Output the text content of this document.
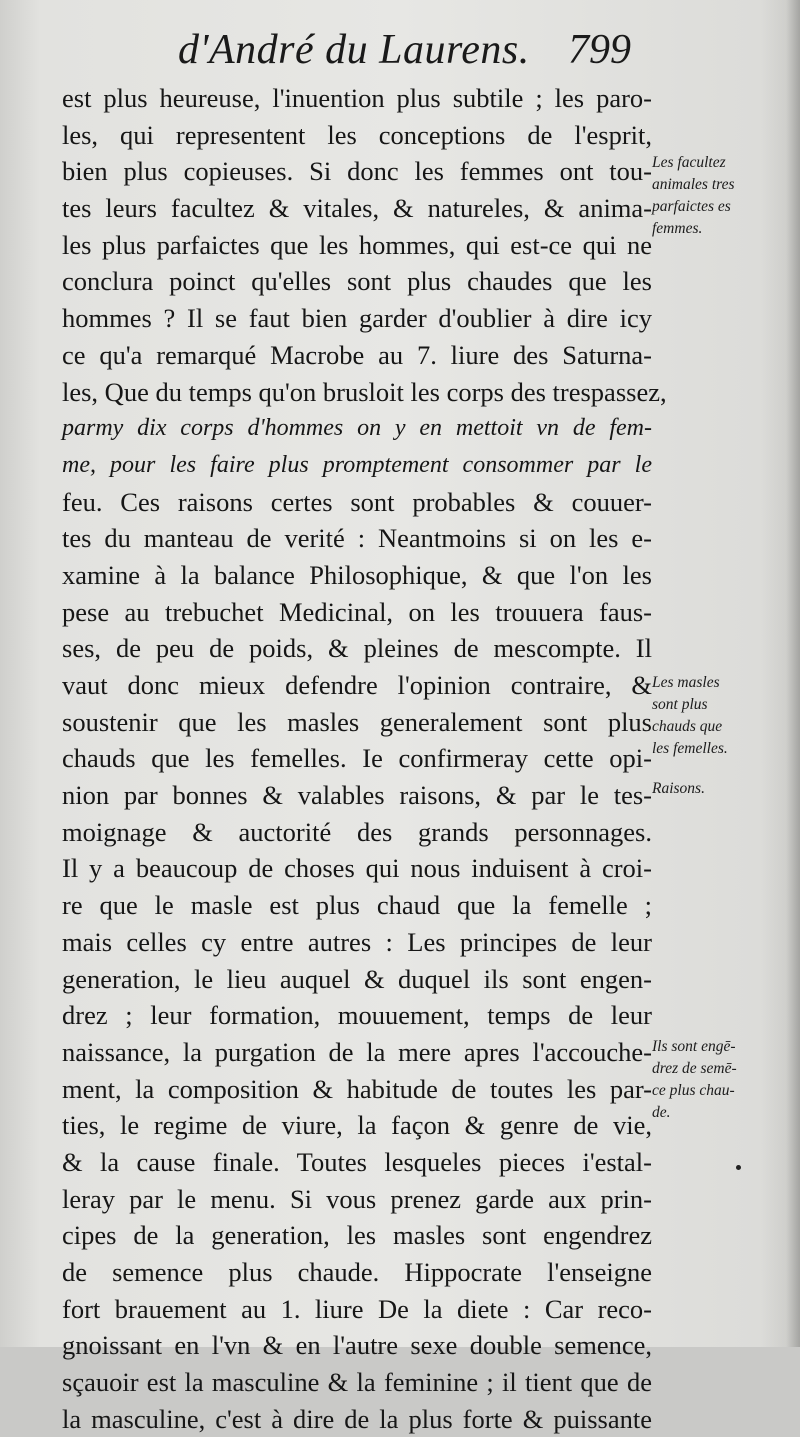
d'André du Laurens. 799
est plus heureuse, l'inuention plus subtile ; les paro-
les, qui representent les conceptions de l'esprit,
bien plus copieuses. Si donc les femmes ont tou-
tes leurs facultez & vitales, & natureles, & anima-
les plus parfaictes que les hommes, qui est-ce qui ne
conclura poinct qu'elles sont plus chaudes que les
hommes ? Il se faut bien garder d'oublier à dire icy
ce qu'a remarqué Macrobe au 7. liure des Saturna-
les, Que du temps qu'on brusloit les corps des trespassez,
parmy dix corps d'hommes on y en mettoit vn de fem-
me, pour les faire plus promptement consommer par le
feu. Ces raisons certes sont probables & couuer-
tes du manteau de verité : Neantmoins si on les e-
xamine à la balance Philosophique, & que l'on les
pese au trebuchet Medicinal, on les trouuera faus-
ses, de peu de poids, & pleines de mescompte. Il
vaut donc mieux defendre l'opinion contraire, &
soustenir que les masles generalement sont plus
chauds que les femelles. Ie confirmeray cette opi-
nion par bonnes & valables raisons, & par le tes-
moignage & auctorité des grands personnages.
Il y a beaucoup de choses qui nous induisent à croi-
re que le masle est plus chaud que la femelle ;
mais celles cy entre autres : Les principes de leur
generation, le lieu auquel & duquel ils sont engen-
drez ; leur formation, mouuement, temps de leur
naissance, la purgation de la mere apres l'accouche-
ment, la composition & habitude de toutes les par-
ties, le regime de viure, la façon & genre de vie,
& la cause finale. Toutes lesqueles pieces i'estal-
leray par le menu. Si vous prenez garde aux prin-
cipes de la generation, les masles sont engendrez
de semence plus chaude. Hippocrate l'enseigne
fort brauement au 1. liure De la diete : Car reco-
gnoissant en l'vn & en l'autre sexe double semence,
sçauoir est la masculine & la feminine ; il tient que de
la masculine, c'est à dire de la plus forte & puissante
Les facultez
animales tres
parfaictes es
femmes.
Les masles
sont plus
chauds que
les femelles.
Raisons.
Ils sont engē-
drez de semē-
ce plus chau-
de.
